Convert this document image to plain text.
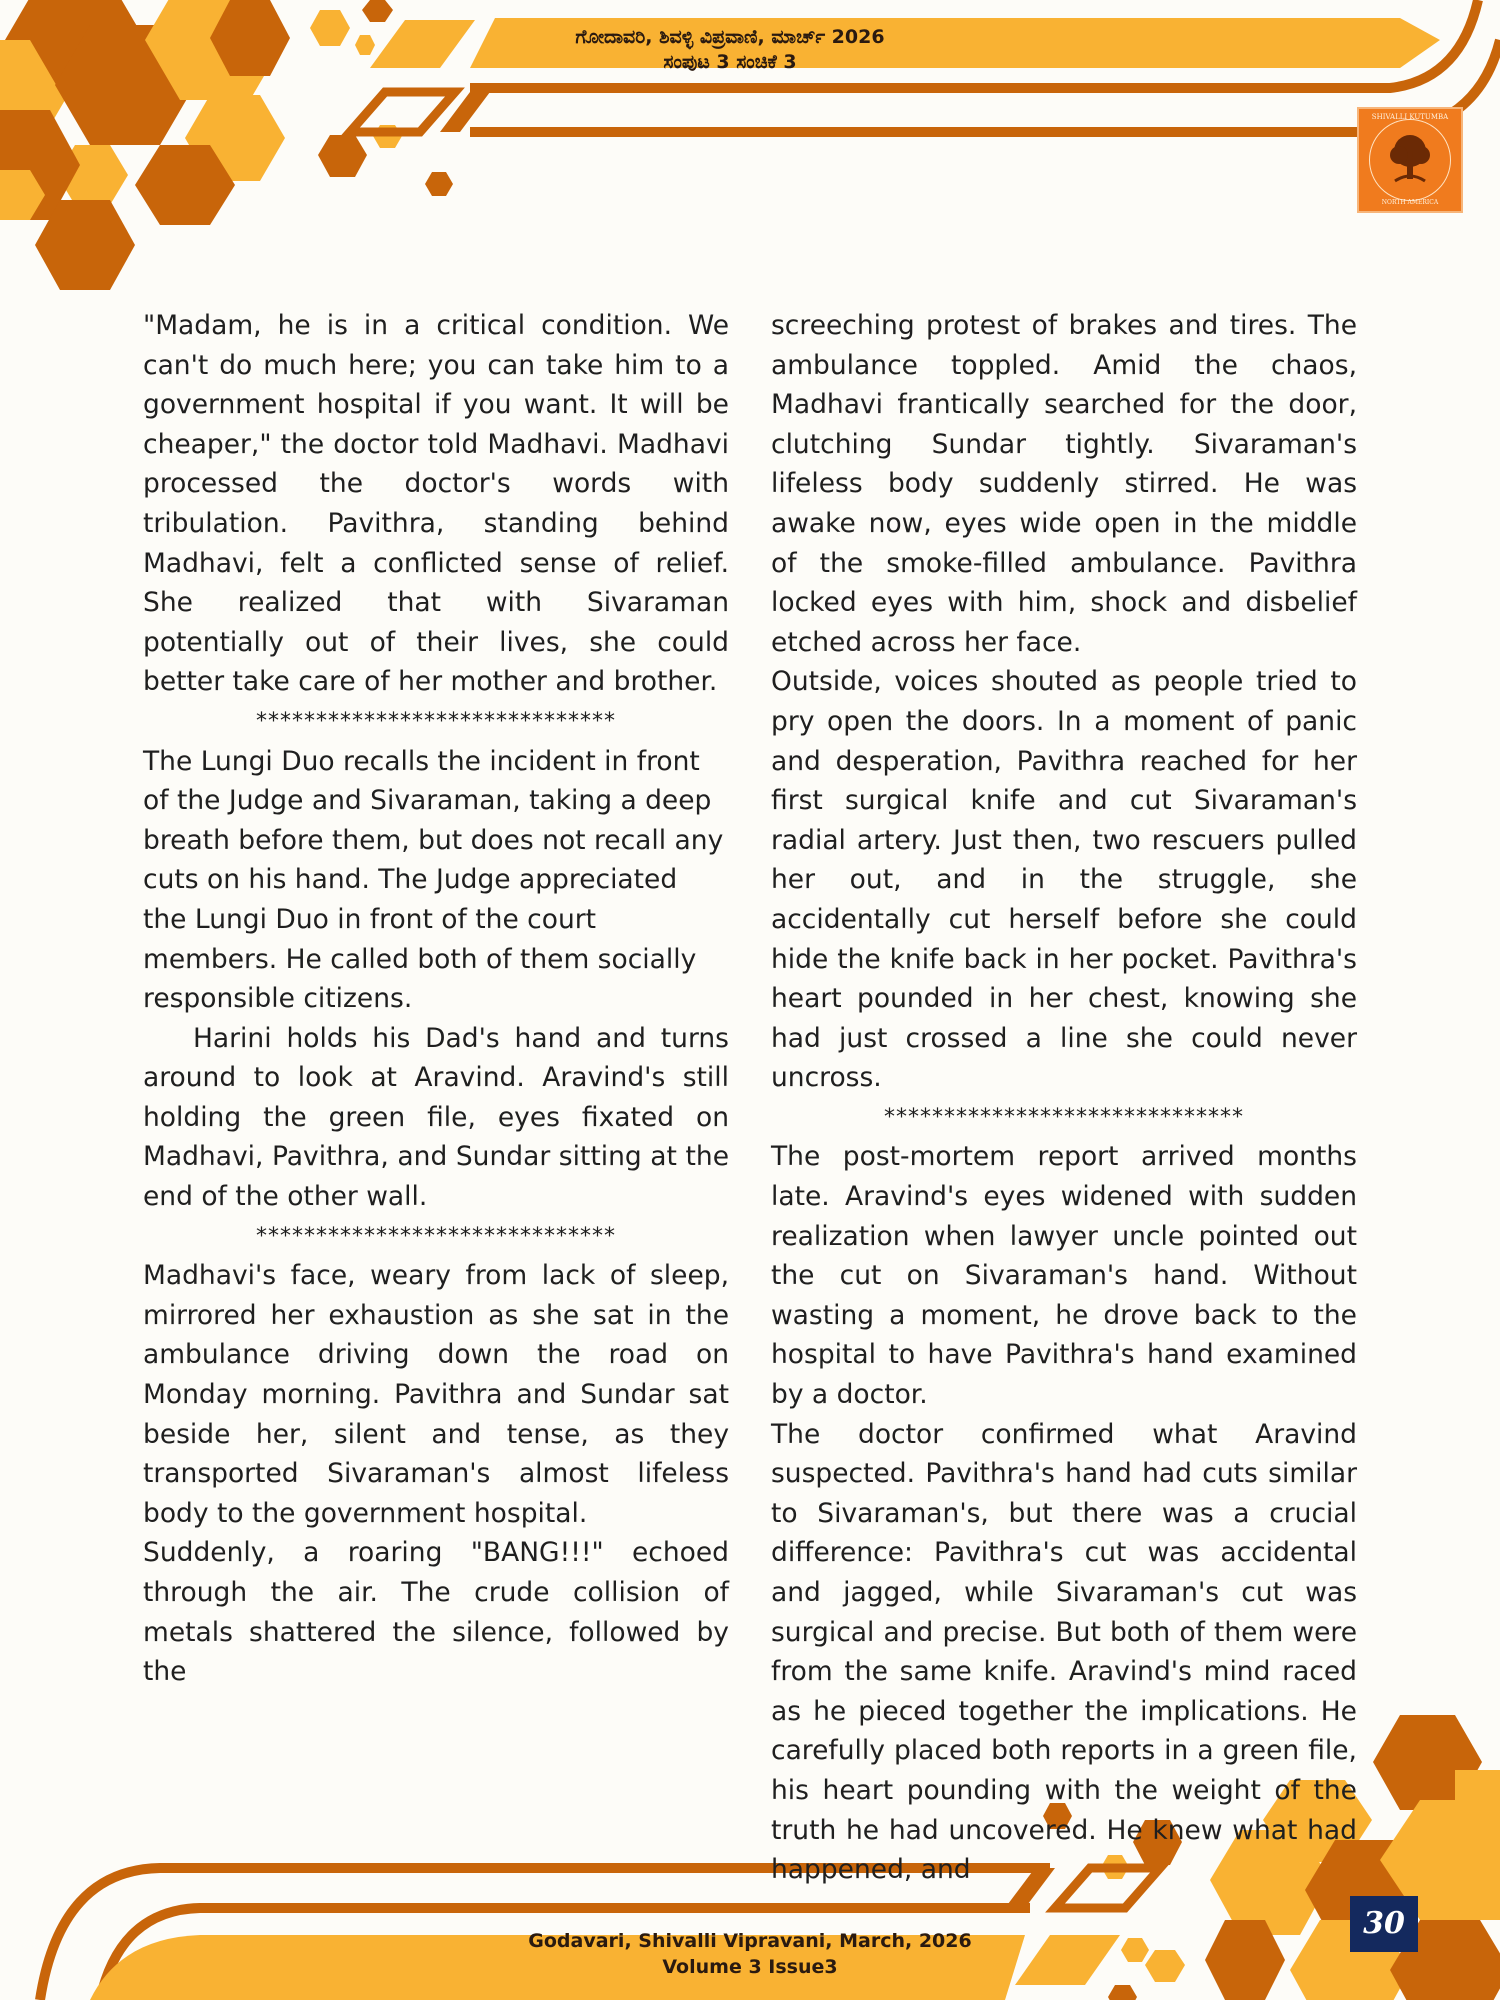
ಗೋದಾವರಿ, ಶಿವಳ್ಳಿ ವಿಪ್ರವಾಣಿ, ಮಾರ್ಚ್ 2026
ಸಂಪುಟ 3 ಸಂಚಿಕೆ 3
SHIVALLI KUTUMBA
NORTH AMERICA

"Madam, he is in a critical condition. We can't do much here; you can take him to a government hospital if you want. It will be cheaper," the doctor told Madhavi. Madhavi processed the doctor's words with tribulation. Pavithra, standing behind Madhavi, felt a conflicted sense of relief. She realized that with Sivaraman potentially out of their lives, she could better take care of her mother and brother.

******************************

The Lungi Duo recalls the incident in front of the Judge and Sivaraman, taking a deep breath before them, but does not recall any cuts on his hand. The Judge appreciated the Lungi Duo in front of the court members. He called both of them socially responsible citizens.

Harini holds his Dad's hand and turns around to look at Aravind. Aravind's still holding the green file, eyes fixated on Madhavi, Pavithra, and Sundar sitting at the end of the other wall.

******************************

Madhavi's face, weary from lack of sleep, mirrored her exhaustion as she sat in the ambulance driving down the road on Monday morning. Pavithra and Sundar sat beside her, silent and tense, as they transported Sivaraman's almost lifeless body to the government hospital.

Suddenly, a roaring "BANG!!!" echoed through the air. The crude collision of metals shattered the silence, followed by the

screeching protest of brakes and tires. The ambulance toppled. Amid the chaos, Madhavi frantically searched for the door, clutching Sundar tightly. Sivaraman's lifeless body suddenly stirred. He was awake now, eyes wide open in the middle of the smoke-filled ambulance. Pavithra locked eyes with him, shock and disbelief etched across her face.

Outside, voices shouted as people tried to pry open the doors. In a moment of panic and desperation, Pavithra reached for her first surgical knife and cut Sivaraman's radial artery. Just then, two rescuers pulled her out, and in the struggle, she accidentally cut herself before she could hide the knife back in her pocket. Pavithra's heart pounded in her chest, knowing she had just crossed a line she could never uncross.

******************************

The post-mortem report arrived months late. Aravind's eyes widened with sudden realization when lawyer uncle pointed out the cut on Sivaraman's hand. Without wasting a moment, he drove back to the hospital to have Pavithra's hand examined by a doctor.

The doctor confirmed what Aravind suspected. Pavithra's hand had cuts similar to Sivaraman's, but there was a crucial difference: Pavithra's cut was accidental and jagged, while Sivaraman's cut was surgical and precise. But both of them were from the same knife. Aravind's mind raced as he pieced together the implications. He carefully placed both reports in a green file, his heart pounding with the weight of the truth he had uncovered. He knew what had happened, and

Godavari, Shivalli Vipravani, March, 2026
Volume 3 Issue3
30
